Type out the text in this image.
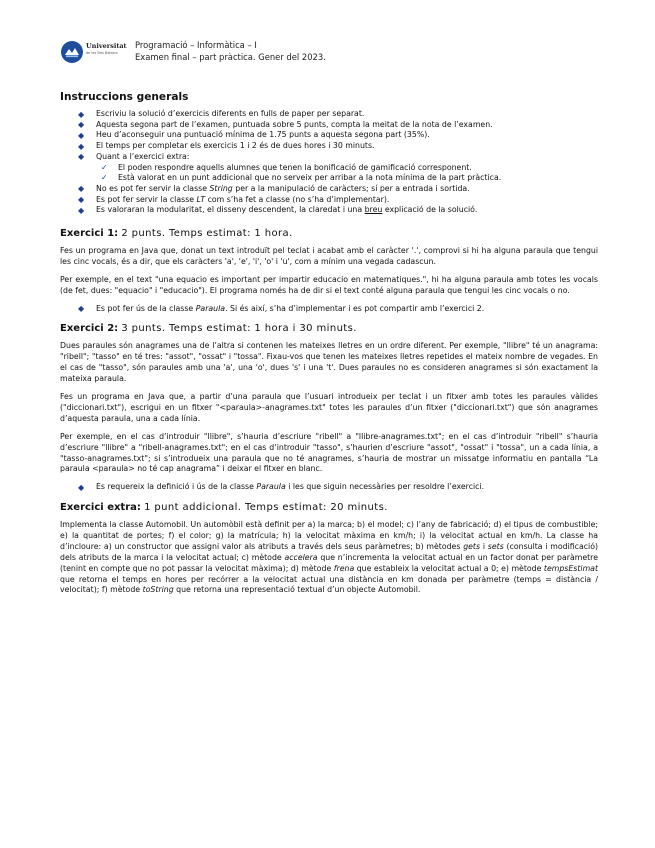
Universitat
de les Illes Balears
Programació – Informàtica – I
Examen final – part pràctica. Gener del 2023.

Instruccions generals

◆ Escriviu la solució d’exercicis diferents en fulls de paper per separat.
◆ Aquesta segona part de l’examen, puntuada sobre 5 punts, compta la meitat de la nota de l’examen.
◆ Heu d’aconseguir una puntuació mínima de 1.75 punts a aquesta segona part (35%).
◆ El temps per completar els exercicis 1 i 2 és de dues hores i 30 minuts.
◆ Quant a l’exercici extra:
✓ El poden respondre aquells alumnes que tenen la bonificació de gamificació corresponent.
✓ Està valorat en un punt addicional que no serveix per arribar a la nota mínima de la part pràctica.
◆ No es pot fer servir la classe String per a la manipulació de caràcters; sí per a entrada i sortida.
◆ Es pot fer servir la classe LT com s’ha fet a classe (no s’ha d’implementar).
◆ Es valoraran la modularitat, el disseny descendent, la claredat i una breu explicació de la solució.

Exercici 1: 2 punts. Temps estimat: 1 hora.

Fes un programa en Java que, donat un text introduït pel teclat i acabat amb el caràcter '.', comprovi si hi ha alguna paraula que tengui les cinc vocals, és a dir, que els caràcters 'a', 'e', 'i', 'o' i 'u', com a mínim una vegada cadascun.

Per exemple, en el text "una equacio es important per impartir educacio en matematiques.", hi ha alguna paraula amb totes les vocals (de fet, dues: "equacio" i "educacio"). El programa només ha de dir si el text conté alguna paraula que tengui les cinc vocals o no.

◆ Es pot fer ús de la classe Paraula. Si és així, s’ha d’implementar i es pot compartir amb l’exercici 2.

Exercici 2: 3 punts. Temps estimat: 1 hora i 30 minuts.

Dues paraules són anagrames una de l’altra si contenen les mateixes lletres en un ordre diferent. Per exemple, "llibre" té un anagrama: "ribell"; "tasso" en té tres: "assot", "ossat" i "tossa". Fixau-vos que tenen les mateixes lletres repetides el mateix nombre de vegades. En el cas de "tasso", són paraules amb una 'a', una 'o', dues 's' i una 't'. Dues paraules no es consideren anagrames si són exactament la mateixa paraula.

Fes un programa en Java que, a partir d’una paraula que l’usuari introdueix per teclat i un fitxer amb totes les paraules vàlides ("diccionari.txt"), escrigui en un fitxer "<paraula>-anagrames.txt" totes les paraules d’un fitxer ("diccionari.txt") que són anagrames d’aquesta paraula, una a cada línia.

Per exemple, en el cas d’introduir "llibre", s’hauria d’escriure "ribell" a "llibre-anagrames.txt"; en el cas d’introduir "ribell" s’hauria d’escriure "llibre" a "ribell-anagrames.txt"; en el cas d’introduir "tasso", s’haurien d’escriure "assot", "ossat" i "tossa", un a cada línia, a "tasso-anagrames.txt"; si s’introdueix una paraula que no té anagrames, s’hauria de mostrar un missatge informatiu en pantalla “La paraula <paraula> no té cap anagrama” i deixar el fitxer en blanc.

◆ Es requereix la definició i ús de la classe Paraula i les que siguin necessàries per resoldre l’exercici.

Exercici extra: 1 punt addicional. Temps estimat: 20 minuts.

Implementa la classe Automobil. Un automòbil està definit per a) la marca; b) el model; c) l’any de fabricació; d) el tipus de combustible; e) la quantitat de portes; f) el color; g) la matrícula; h) la velocitat màxima en km/h; i) la velocitat actual en km/h. La classe ha d’incloure: a) un constructor que assigni valor als atributs a través dels seus paràmetres; b) mètodes gets i sets (consulta i modificació) dels atributs de la marca i la velocitat actual; c) mètode accelera que n’incrementa la velocitat actual en un factor donat per paràmetre (tenint en compte que no pot passar la velocitat màxima); d) mètode frena que estableix la velocitat actual a 0; e) mètode tempsEstimat que retorna el temps en hores per recórrer a la velocitat actual una distància en km donada per paràmetre (temps = distància / velocitat); f) mètode toString que retorna una representació textual d’un objecte Automobil.
